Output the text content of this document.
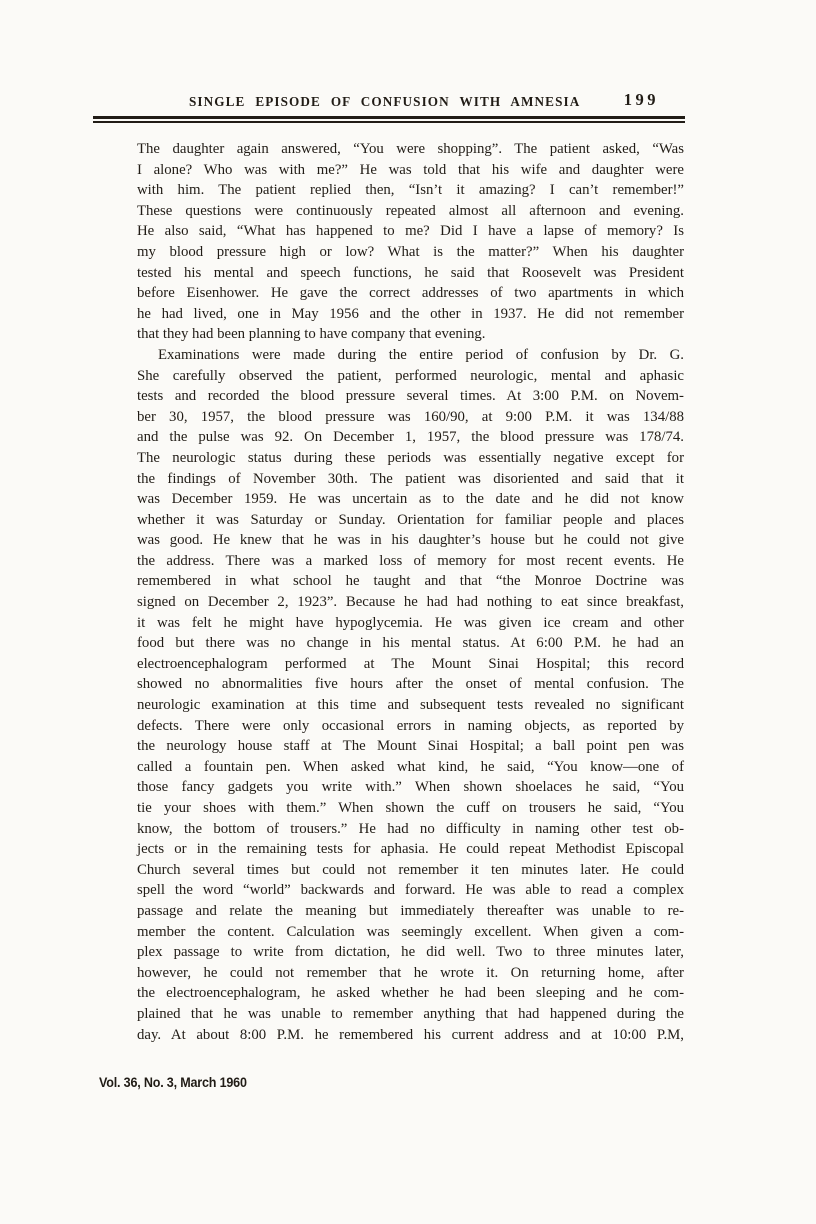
SINGLE EPISODE OF CONFUSION WITH AMNESIA	199
The daughter again answered, “You were shopping”. The patient asked, “Was
I alone? Who was with me?” He was told that his wife and daughter were
with him. The patient replied then, “Isn’t it amazing? I can’t remember!”
These questions were continuously repeated almost all afternoon and evening.
He also said, “What has happened to me? Did I have a lapse of memory? Is
my blood pressure high or low? What is the matter?” When his daughter
tested his mental and speech functions, he said that Roosevelt was President
before Eisenhower. He gave the correct addresses of two apartments in which
he had lived, one in May 1956 and the other in 1937. He did not remember
that they had been planning to have company that evening.
Examinations were made during the entire period of confusion by Dr. G.
She carefully observed the patient, performed neurologic, mental and aphasic
tests and recorded the blood pressure several times. At 3:00 P.M. on Novem-
ber 30, 1957, the blood pressure was 160/90, at 9:00 P.M. it was 134/88
and the pulse was 92. On December 1, 1957, the blood pressure was 178/74.
The neurologic status during these periods was essentially negative except for
the findings of November 30th. The patient was disoriented and said that it
was December 1959. He was uncertain as to the date and he did not know
whether it was Saturday or Sunday. Orientation for familiar people and places
was good. He knew that he was in his daughter’s house but he could not give
the address. There was a marked loss of memory for most recent events. He
remembered in what school he taught and that “the Monroe Doctrine was
signed on December 2, 1923”. Because he had had nothing to eat since breakfast,
it was felt he might have hypoglycemia. He was given ice cream and other
food but there was no change in his mental status. At 6:00 P.M. he had an
electroencephalogram performed at The Mount Sinai Hospital; this record
showed no abnormalities five hours after the onset of mental confusion. The
neurologic examination at this time and subsequent tests revealed no significant
defects. There were only occasional errors in naming objects, as reported by
the neurology house staff at The Mount Sinai Hospital; a ball point pen was
called a fountain pen. When asked what kind, he said, “You know—one of
those fancy gadgets you write with.” When shown shoelaces he said, “You
tie your shoes with them.” When shown the cuff on trousers he said, “You
know, the bottom of trousers.” He had no difficulty in naming other test ob-
jects or in the remaining tests for aphasia. He could repeat Methodist Episcopal
Church several times but could not remember it ten minutes later. He could
spell the word “world” backwards and forward. He was able to read a complex
passage and relate the meaning but immediately thereafter was unable to re-
member the content. Calculation was seemingly excellent. When given a com-
plex passage to write from dictation, he did well. Two to three minutes later,
however, he could not remember that he wrote it. On returning home, after
the electroencephalogram, he asked whether he had been sleeping and he com-
plained that he was unable to remember anything that had happened during the
day. At about 8:00 P.M. he remembered his current address and at 10:00 P.M,
Vol. 36, No. 3, March 1960
